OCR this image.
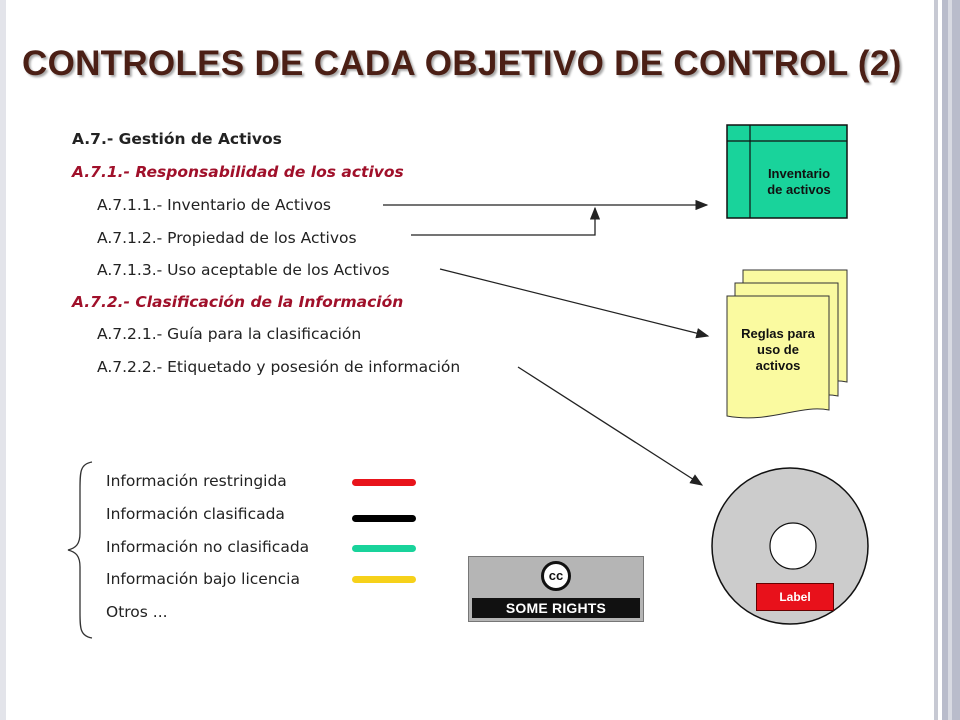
CONTROLES DE CADA OBJETIVO DE CONTROL (2)
A.7.- Gestión de Activos
A.7.1.- Responsabilidad de los activos
A.7.1.1.- Inventario de Activos
A.7.1.2.- Propiedad de los Activos
A.7.1.3.- Uso aceptable de los Activos
A.7.2.- Clasificación de la Información
A.7.2.1.- Guía para la clasificación
A.7.2.2.- Etiquetado y posesión de información
Inventario
de activos
Reglas para
uso de
activos
Información restringida
Información clasificada
Información no clasificada
Información bajo licencia
Otros ...
cc
SOME RIGHTS RESERVED
Label
